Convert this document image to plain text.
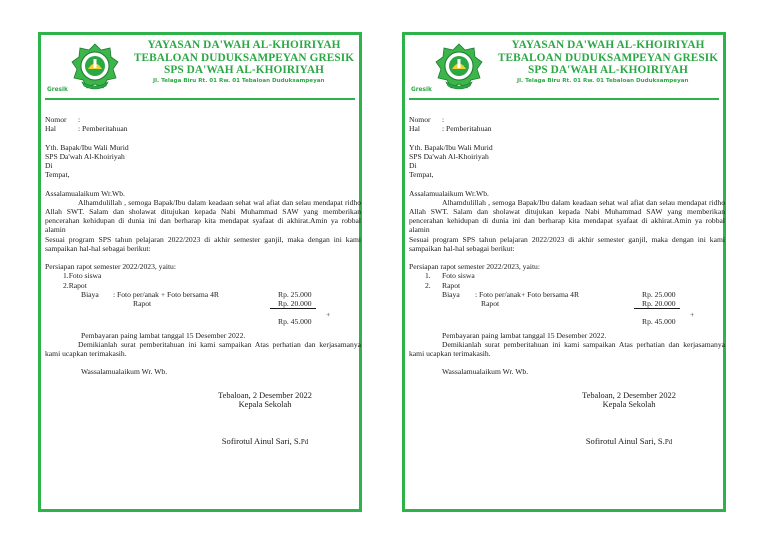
YAYASAN DA'WAH AL-KHOIRIYAH
TEBALOAN DUDUKSAMPEYAN GRESIK
SPS DA'WAH AL-KHOIRIYAH
Jl. Telaga Biru Rt. 01 Rw. 01 Tebaloan Duduksampeyan
Gresik
Nomor :
Hal	: Pemberitahuan

Yth. Bapak/Ibu Wali Murid

SPS Da'wah Al-Khoiriyah

Di

Tempat,

Assalamualaikum Wr.Wb.

Alhamdulillah , semoga Bapak/Ibu dalam keadaan sehat wal afiat dan selau mendapat ridho Allah SWT. Salam dan sholawat ditujukan kepada Nabi Muhammad SAW yang memberikan pencerahan kehidupan di dunia ini dan berharap kita mendapat syafaat di akhirat.Amin ya robbal alamin

Sesuai program SPS tahun pelajaran 2022/2023 di akhir semester ganjil, maka dengan ini kami sampaikan hal-hal sebagai berikut:

Persiapan rapot semester 2022/2023, yaitu:

1.Foto siswa

2.Rapot

Biaya : Foto per/anak + Foto bersama 4R	Rp. 25.000
Rapot	Rp. 20.000
+
Rp. 45.000

Pembayaran paing lambat tanggal 15 Desember 2022.

Demikianlah surat pemberitahuan ini kami sampaikan Atas perhatian dan kerjasamanya kami ucapkan terimakasih.

Wassalamualaikum Wr. Wb.

Tebaloan, 2 Desember 2022
Kepala Sekolah
Sofirotul Ainul Sari, S.Pd
YAYASAN DA'WAH AL-KHOIRIYAH
TEBALOAN DUDUKSAMPEYAN GRESIK
SPS DA'WAH AL-KHOIRIYAH
Jl. Telaga Biru Rt. 01 Rw. 01 Tebaloan Duduksampeyan
Gresik
Nomor :
Hal	: Pemberitahuan

Yth. Bapak/Ibu Wali Murid

SPS Da'wah Al-Khoiriyah

Di

Tempat,

Assalamualaikum Wr.Wb.

Alhamdulillah , semoga Bapak/Ibu dalam keadaan sehat wal afiat dan selau mendapat ridho Allah SWT. Salam dan sholawat ditujukan kepada Nabi Muhammad SAW yang memberikan pencerahan kehidupan di dunia ini dan berharap kita mendapat syafaat di akhirat.Amin ya robbal alamin

Sesuai program SPS tahun pelajaran 2022/2023 di akhir semester ganjil, maka dengan ini kami sampaikan hal-hal sebagai berikut:

Persiapan rapot semester 2022/2023, yaitu:

1. Foto siswa
2. Rapot
Biaya : Foto per/anak+ Foto bersama 4R	Rp. 25.000
Rapot	Rp. 20.000
+
Rp. 45.000

Pembayaran paing lambat tanggal 15 Desember 2022.

Demikianlah surat pemberitahuan ini kami sampaikan Atas perhatian dan kerjasamanya kami ucapkan terimakasih.

Wassalamualaikum Wr. Wb.

Tebaloan, 2 Desember 2022
Kepala Sekolah
Sofirotul Ainul Sari, S.Pd
